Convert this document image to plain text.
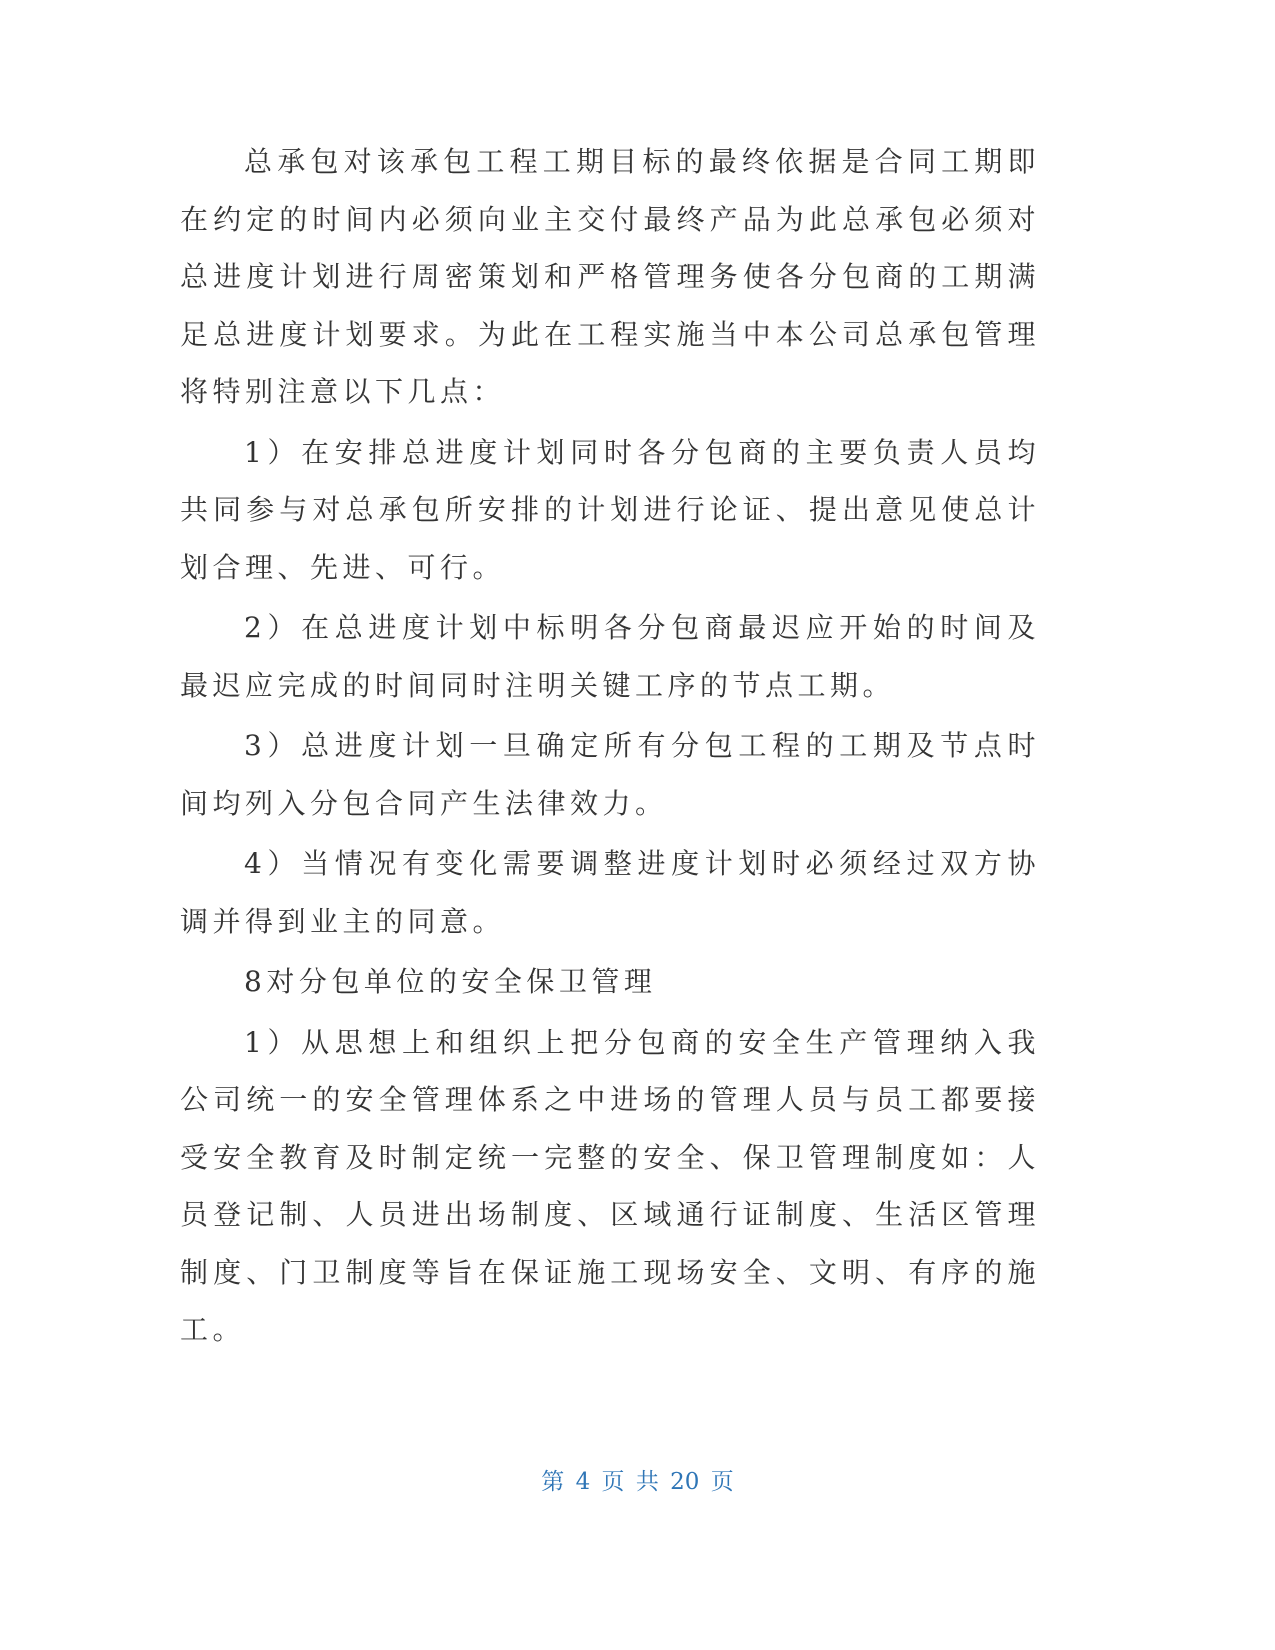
总承包对该承包工程工期目标的最终依据是合同工期即在约定的时间内必须向业主交付最终产品为此总承包必须对总进度计划进行周密策划和严格管理务使各分包商的工期满足总进度计划要求。为此在工程实施当中本公司总承包管理将特别注意以下几点：

1）在安排总进度计划同时各分包商的主要负责人员均共同参与对总承包所安排的计划进行论证、提出意见使总计划合理、先进、可行。

2）在总进度计划中标明各分包商最迟应开始的时间及最迟应完成的时间同时注明关键工序的节点工期。

3）总进度计划一旦确定所有分包工程的工期及节点时间均列入分包合同产生法律效力。

4）当情况有变化需要调整进度计划时必须经过双方协调并得到业主的同意。

8对分包单位的安全保卫管理

1）从思想上和组织上把分包商的安全生产管理纳入我公司统一的安全管理体系之中进场的管理人员与员工都要接受安全教育及时制定统一完整的安全、保卫管理制度如：人员登记制、人员进出场制度、区域通行证制度、生活区管理制度、门卫制度等旨在保证施工现场安全、文明、有序的施工。

第 4 页 共 20 页
